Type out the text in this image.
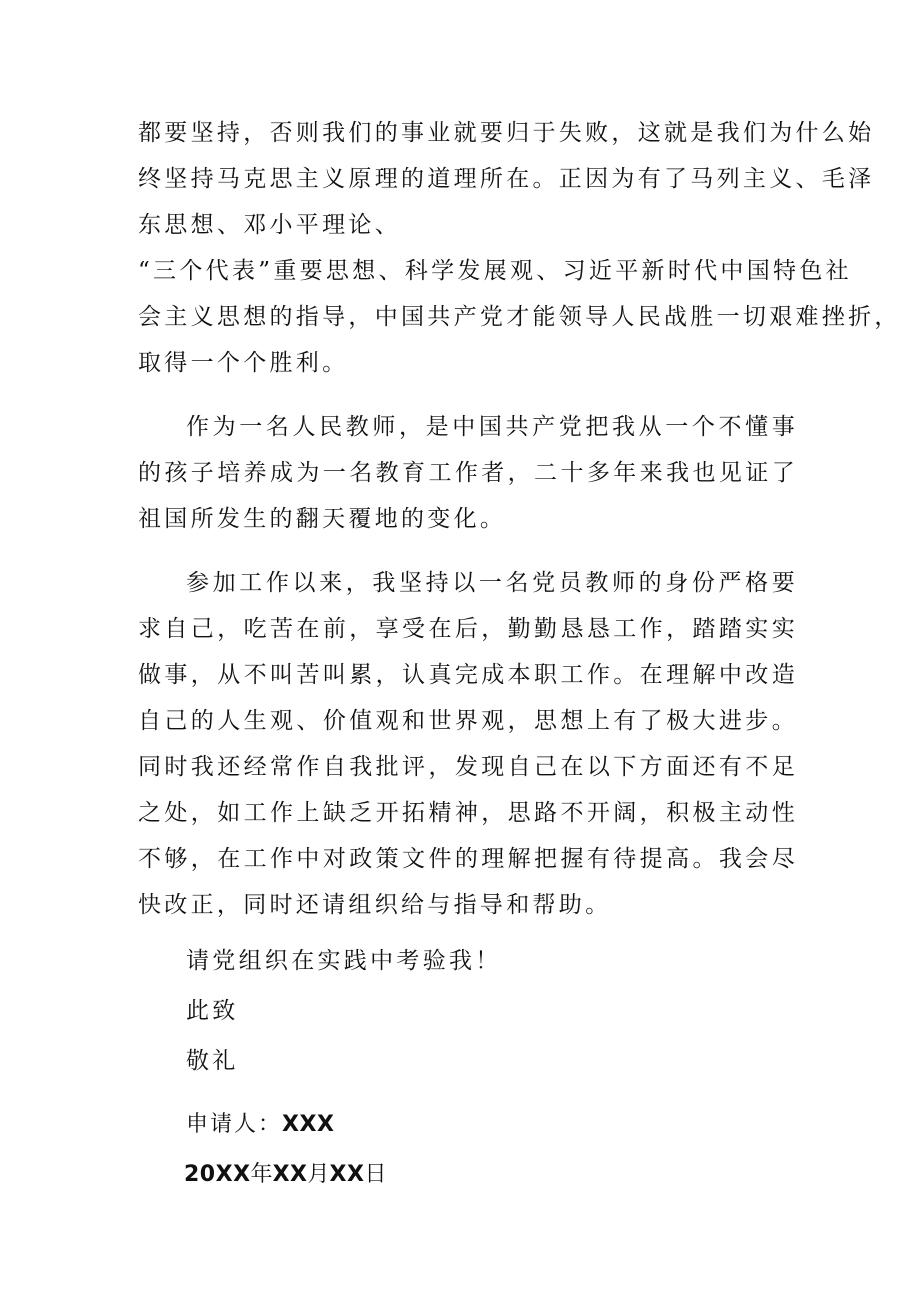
都要坚持，否则我们的事业就要归于失败，这就是我们为什么始
终坚持马克思主义原理的道理所在。正因为有了马列主义、毛泽
东思想、邓小平理论、
“三个代表”重要思想、科学发展观、习近平新时代中国特色社
会主义思想的指导，中国共产党才能领导人民战胜一切艰难挫折，
取得一个个胜利。

作为一名人民教师，是中国共产党把我从一个不懂事的孩子培养成为一名教育工作者，二十多年来我也见证了祖国所发生的翻天覆地的变化。

参加工作以来，我坚持以一名党员教师的身份严格要求自己，吃苦在前，享受在后，勤勤恳恳工作，踏踏实实做事，从不叫苦叫累，认真完成本职工作。在理解中改造自己的人生观、价值观和世界观，思想上有了极大进步。同时我还经常作自我批评，发现自己在以下方面还有不足之处，如工作上缺乏开拓精神，思路不开阔，积极主动性不够，在工作中对政策文件的理解把握有待提高。我会尽快改正，同时还请组织给与指导和帮助。

请党组织在实践中考验我！

此致

敬礼

申请人：XXX

20XX年XX月XX日
